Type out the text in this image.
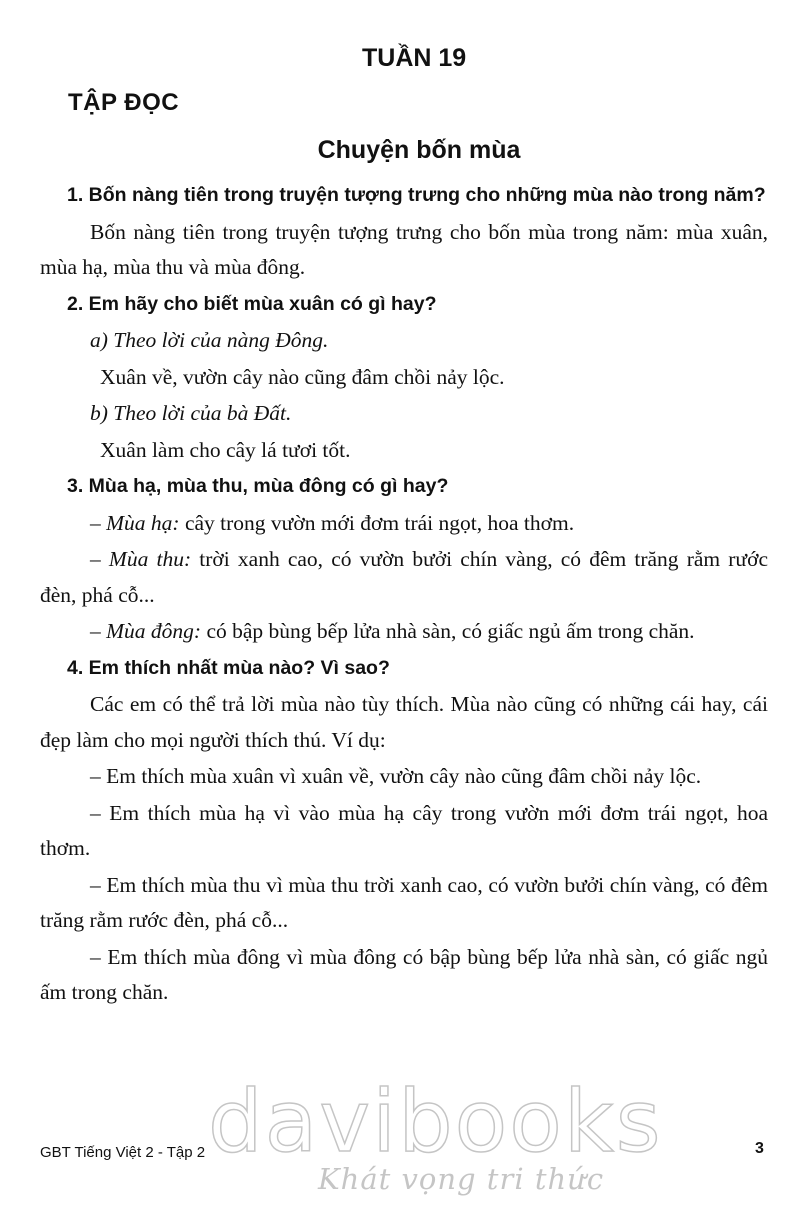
TUẦN 19
TẬP ĐỌC
Chuyện bốn mùa

1. Bốn nàng tiên trong truyện tượng trưng cho những mùa nào trong năm?

Bốn nàng tiên trong truyện tượng trưng cho bốn mùa trong năm: mùa xuân, mùa hạ, mùa thu và mùa đông.

2. Em hãy cho biết mùa xuân có gì hay?

a) Theo lời của nàng Đông.

Xuân về, vườn cây nào cũng đâm chồi nảy lộc.

b) Theo lời của bà Đất.

Xuân làm cho cây lá tươi tốt.

3. Mùa hạ, mùa thu, mùa đông có gì hay?

– Mùa hạ: cây trong vườn mới đơm trái ngọt, hoa thơm.

– Mùa thu: trời xanh cao, có vườn bưởi chín vàng, có đêm trăng rằm rước đèn, phá cỗ...

– Mùa đông: có bập bùng bếp lửa nhà sàn, có giấc ngủ ấm trong chăn.

4. Em thích nhất mùa nào? Vì sao?

Các em có thể trả lời mùa nào tùy thích. Mùa nào cũng có những cái hay, cái đẹp làm cho mọi người thích thú. Ví dụ:

– Em thích mùa xuân vì xuân về, vườn cây nào cũng đâm chồi nảy lộc.

– Em thích mùa hạ vì vào mùa hạ cây trong vườn mới đơm trái ngọt, hoa thơm.

– Em thích mùa thu vì mùa thu trời xanh cao, có vườn bưởi chín vàng, có đêm trăng rằm rước đèn, phá cỗ...

– Em thích mùa đông vì mùa đông có bập bùng bếp lửa nhà sàn, có giấc ngủ ấm trong chăn.

davibooks
Khát vọng tri thức
GBT Tiếng Việt 2 - Tập 2	3
